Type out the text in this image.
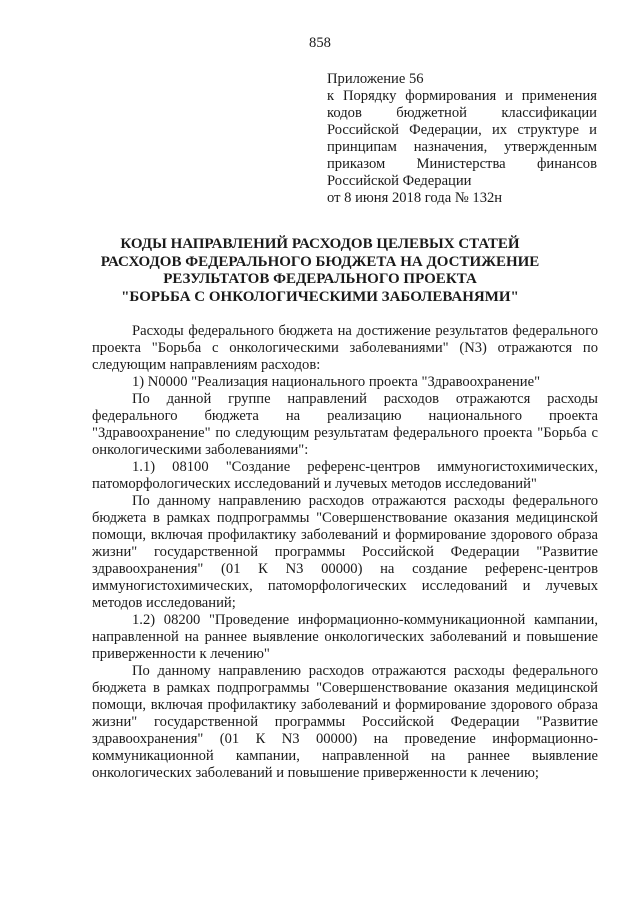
858
Приложение 56
к Порядку формирования и применения кодов бюджетной классификации Российской Федерации, их структуре и принципам назначения, утвержденным приказом Министерства финансов Российской Федерации
от 8 июня 2018 года № 132н
КОДЫ НАПРАВЛЕНИЙ РАСХОДОВ ЦЕЛЕВЫХ СТАТЕЙ
РАСХОДОВ ФЕДЕРАЛЬНОГО БЮДЖЕТА НА ДОСТИЖЕНИЕ
РЕЗУЛЬТАТОВ ФЕДЕРАЛЬНОГО ПРОЕКТА
"БОРЬБА С ОНКОЛОГИЧЕСКИМИ ЗАБОЛЕВАНЯМИ"

Расходы федерального бюджета на достижение результатов федерального проекта "Борьба с онкологическими заболеваниями" (N3) отражаются по следующим направлениям расходов:

1) N0000 "Реализация национального проекта "Здравоохранение"

По данной группе направлений расходов отражаются расходы федерального бюджета на реализацию национального проекта "Здравоохранение" по следующим результатам федерального проекта "Борьба с онкологическими заболеваниями":

1.1) 08100 "Создание референс-центров иммуногистохимических, патоморфологических исследований и лучевых методов исследований"

По данному направлению расходов отражаются расходы федерального бюджета в рамках подпрограммы "Совершенствование оказания медицинской помощи, включая профилактику заболеваний и формирование здорового образа жизни" государственной программы Российской Федерации "Развитие здравоохранения" (01 К N3 00000) на создание референс-центров иммуногистохимических, патоморфологических исследований и лучевых методов исследований;

1.2) 08200 "Проведение информационно-коммуникационной кампании, направленной на раннее выявление онкологических заболеваний и повышение приверженности к лечению"

По данному направлению расходов отражаются расходы федерального бюджета в рамках подпрограммы "Совершенствование оказания медицинской помощи, включая профилактику заболеваний и формирование здорового образа жизни" государственной программы Российской Федерации "Развитие здравоохранения" (01 К N3 00000) на проведение информационно-коммуникационной кампании, направленной на раннее выявление онкологических заболеваний и повышение приверженности к лечению;
